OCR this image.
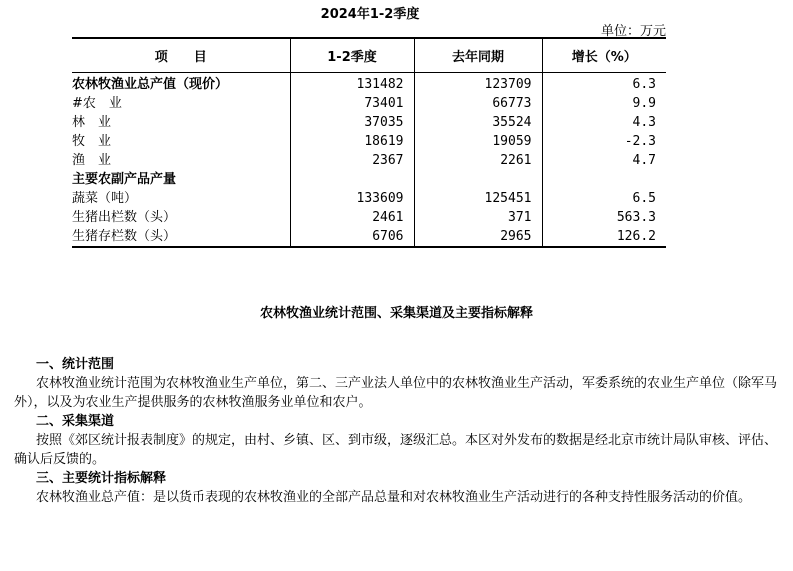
2024年1-2季度
单位：万元
项　　目	1-2季度	去年同期	增长（%）
农林牧渔业总产值（现价）	131482	123709	6.3
#农　业	73401	66773	9.9
林　业	37035	35524	4.3
牧　业	18619	19059	-2.3
渔　业	2367	2261	4.7
主要农副产品产量			
蔬菜（吨）	133609	125451	6.5
生猪出栏数（头）	2461	371	563.3
生猪存栏数（头）	6706	2965	126.2
农林牧渔业统计范围、采集渠道及主要指标解释
一、统计范围
农林牧渔业统计范围为农林牧渔业生产单位，第二、三产业法人单位中的农林牧渔业生产活动，军委系统的农业生产单位（除军马外），以及为农业生产提供服务的农林牧渔服务业单位和农户。
二、采集渠道
按照《郊区统计报表制度》的规定，由村、乡镇、区、到市级，逐级汇总。本区对外发布的数据是经北京市统计局队审核、评估、确认后反馈的。
三、主要统计指标解释
农林牧渔业总产值：是以货币表现的农林牧渔业的全部产品总量和对农林牧渔业生产活动进行的各种支持性服务活动的价值。
